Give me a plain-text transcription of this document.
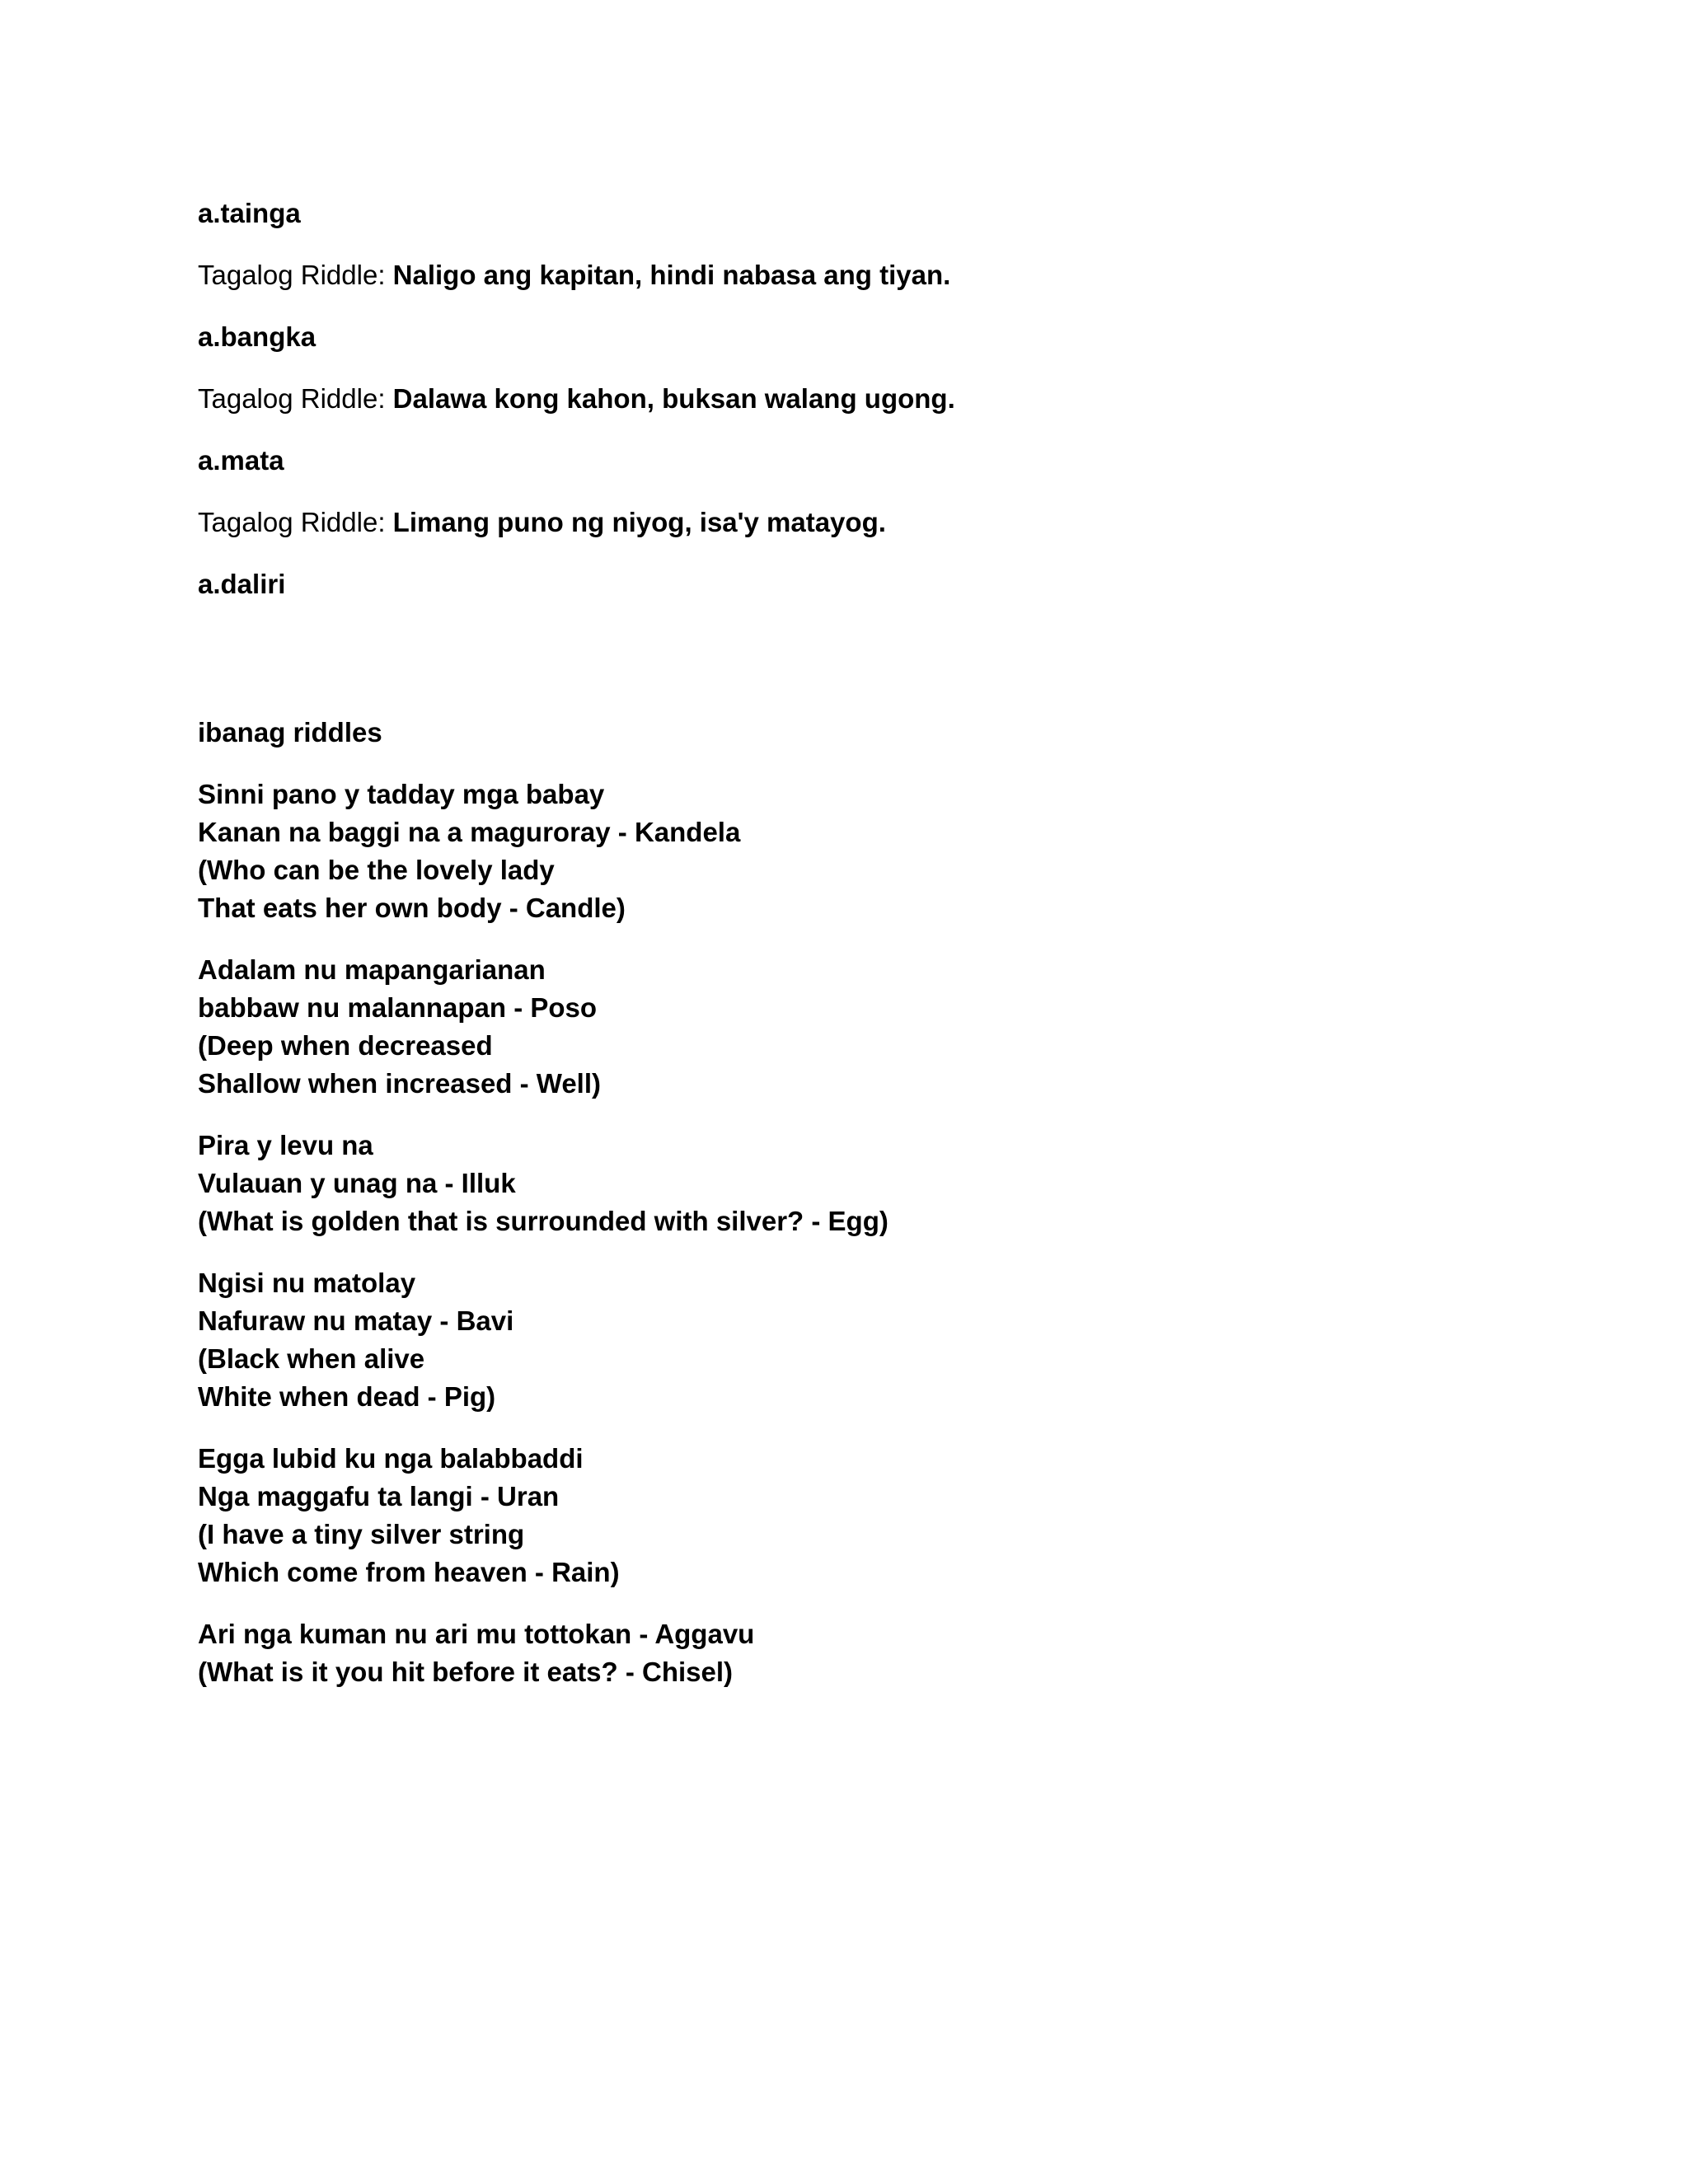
a.tainga
Tagalog Riddle: Naligo ang kapitan, hindi nabasa ang tiyan.
a.bangka
Tagalog Riddle: Dalawa kong kahon, buksan walang ugong.
a.mata
Tagalog Riddle: Limang puno ng niyog, isa'y matayog.
a.daliri
ibanag riddles
Sinni pano y tadday mga babay
Kanan na baggi na a maguroray - Kandela
(Who can be the lovely lady
That eats her own body - Candle)
Adalam nu mapangarianan
babbaw nu malannapan - Poso
(Deep when decreased
Shallow when increased - Well)
Pira y levu na
Vulauan y unag na - Illuk
(What is golden that is surrounded with silver? - Egg)
Ngisi nu matolay
Nafuraw nu matay - Bavi
(Black when alive
White when dead - Pig)
Egga lubid ku nga balabbaddi
Nga maggafu ta langi - Uran
(I have a tiny silver string
Which come from heaven - Rain)
Ari nga kuman nu ari mu tottokan - Aggavu
(What is it you hit before it eats? - Chisel)
